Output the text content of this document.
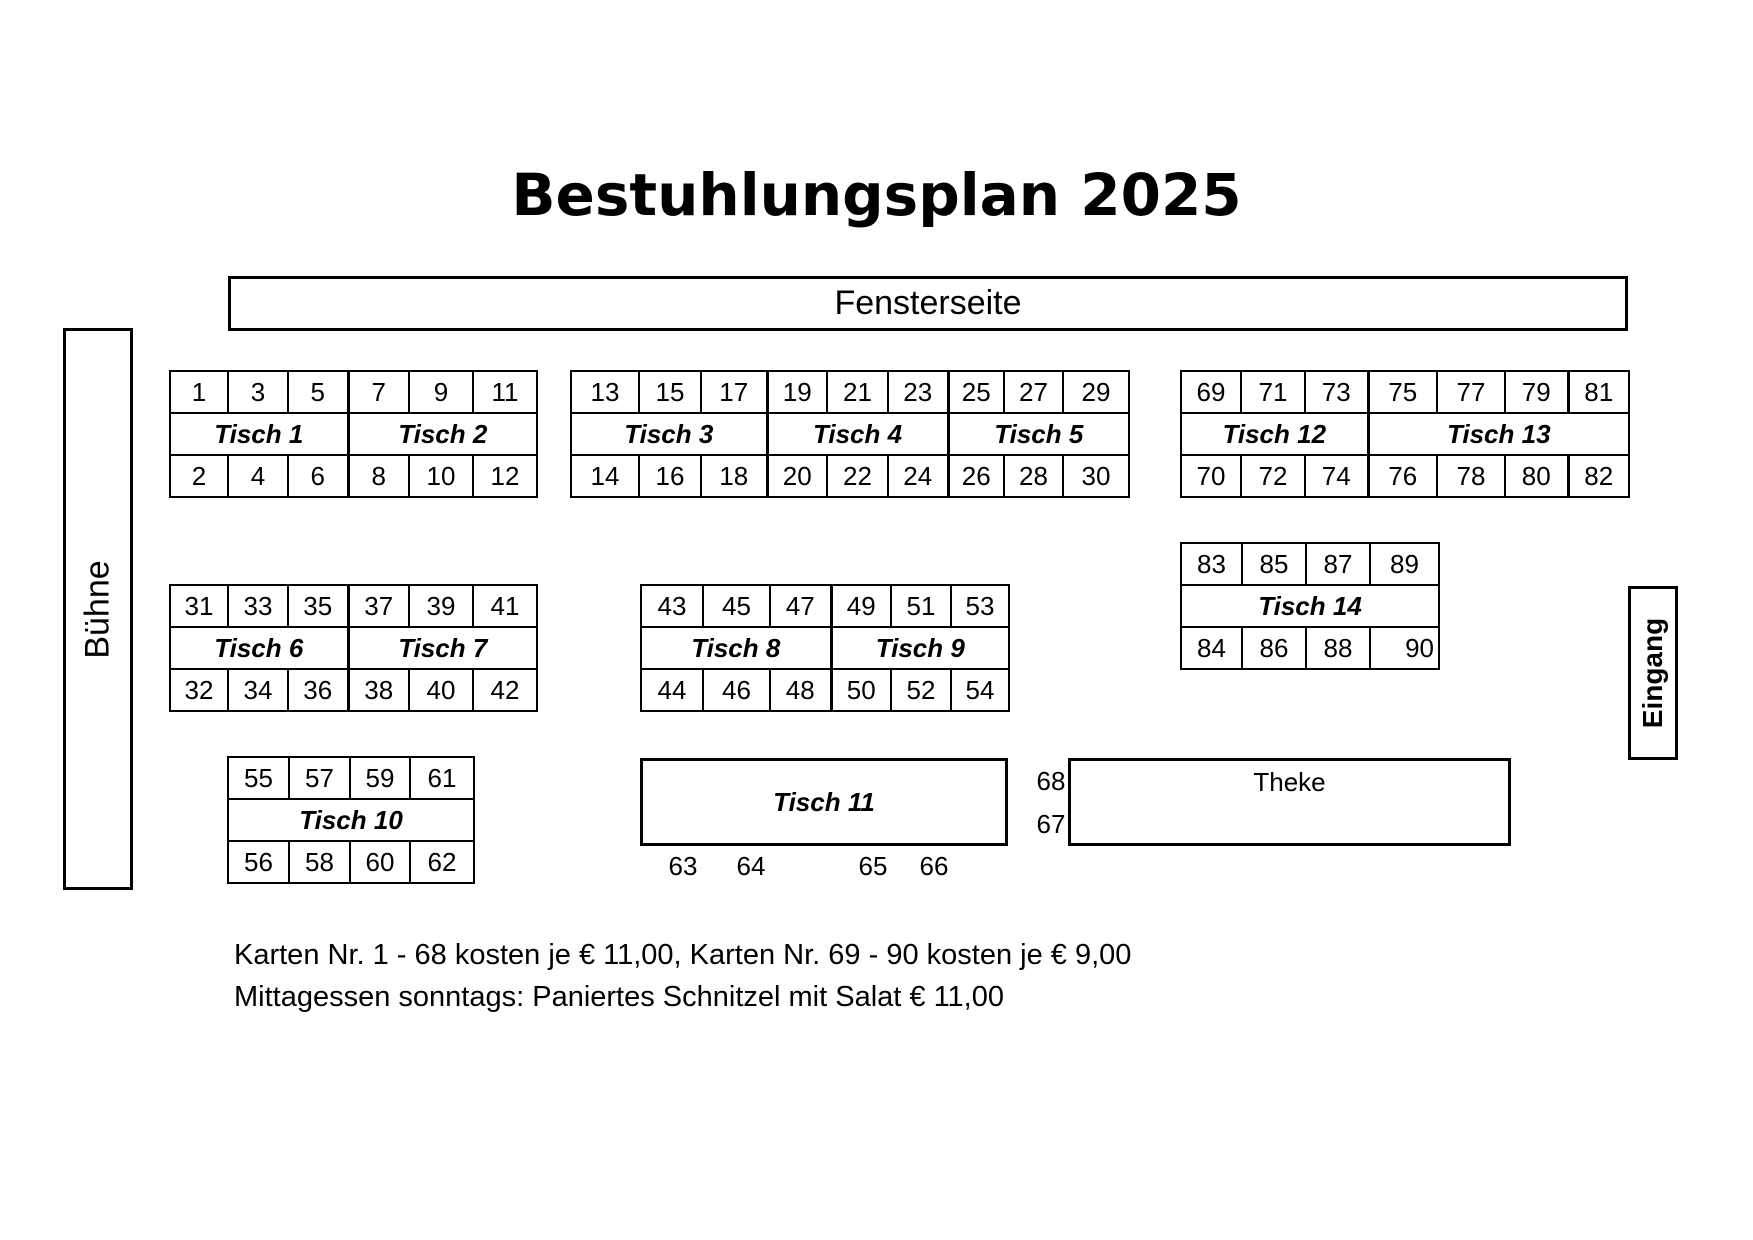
Bestuhlungsplan 2025
Fensterseite
Bühne
Eingang
1	3	5	7	9	11
Tisch 1			Tisch 2		
2	4	6	8	10	12
13	15	17	19	21	23	25	27	29
Tisch 3			Tisch 4			Tisch 5		
14	16	18	20	22	24	26	28	30
69	71	73	75	77	79	81
Tisch 12			Tisch 13			
70	72	74	76	78	80	82
83	85	87	89
Tisch 14			
84	86	88	90
31	33	35	37	39	41
Tisch 6			Tisch 7		
32	34	36	38	40	42
43	45	47	49	51	53
Tisch 8			Tisch 9		
44	46	48	50	52	54
55	57	59	61
Tisch 10			
56	58	60	62
Tisch 11
63 64	65 66
67
68	Theke
Karten Nr. 1 - 68 kosten je € 11,00, Karten Nr. 69 - 90 kosten je € 9,00
Mittagessen sonntags: Paniertes Schnitzel mit Salat € 11,00
